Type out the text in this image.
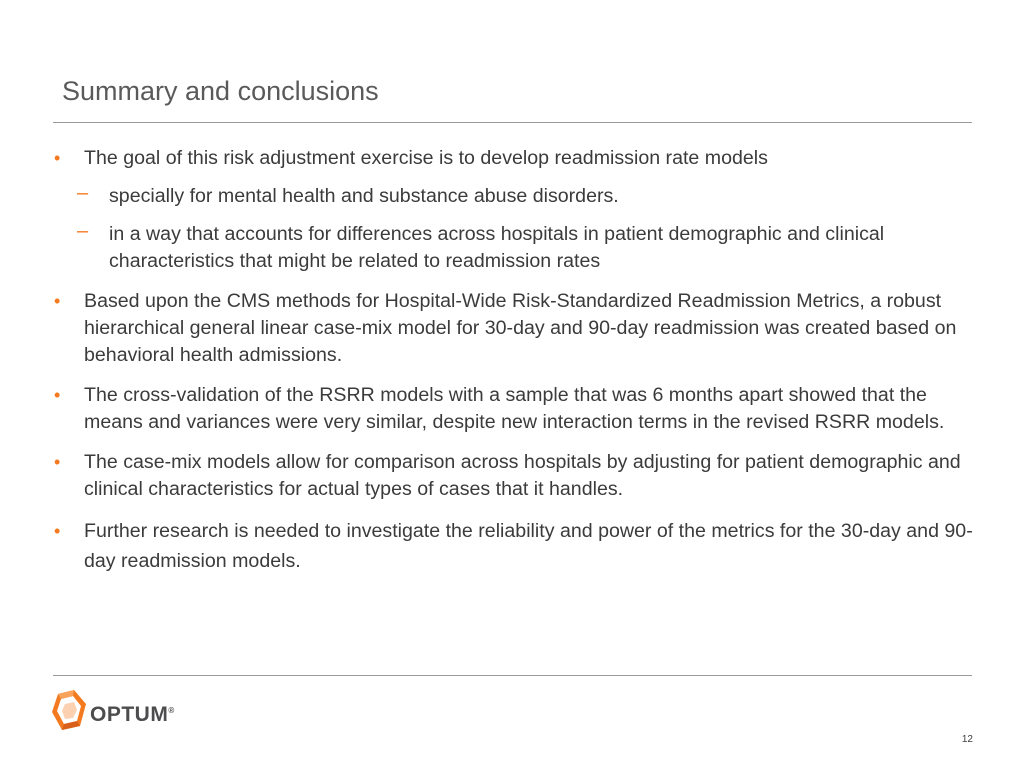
Summary and conclusions
• The goal of this risk adjustment exercise is to develop readmission rate models
– specially for mental health and substance abuse disorders.
– in a way that accounts for differences across hospitals in patient demographic and clinical characteristics that might be related to readmission rates
• Based upon the CMS methods for Hospital-Wide Risk-Standardized Readmission Metrics, a robust hierarchical general linear case-mix model for 30-day and 90-day readmission was created based on behavioral health admissions.
• The cross-validation of the RSRR models with a sample that was 6 months apart showed that the means and variances were very similar, despite new interaction terms in the revised RSRR models.
• The case-mix models allow for comparison across hospitals by adjusting for patient demographic and clinical characteristics for actual types of cases that it handles.
• Further research is needed to investigate the reliability and power of the metrics for the 30-day and 90-day readmission models.
OPTUM®
12
